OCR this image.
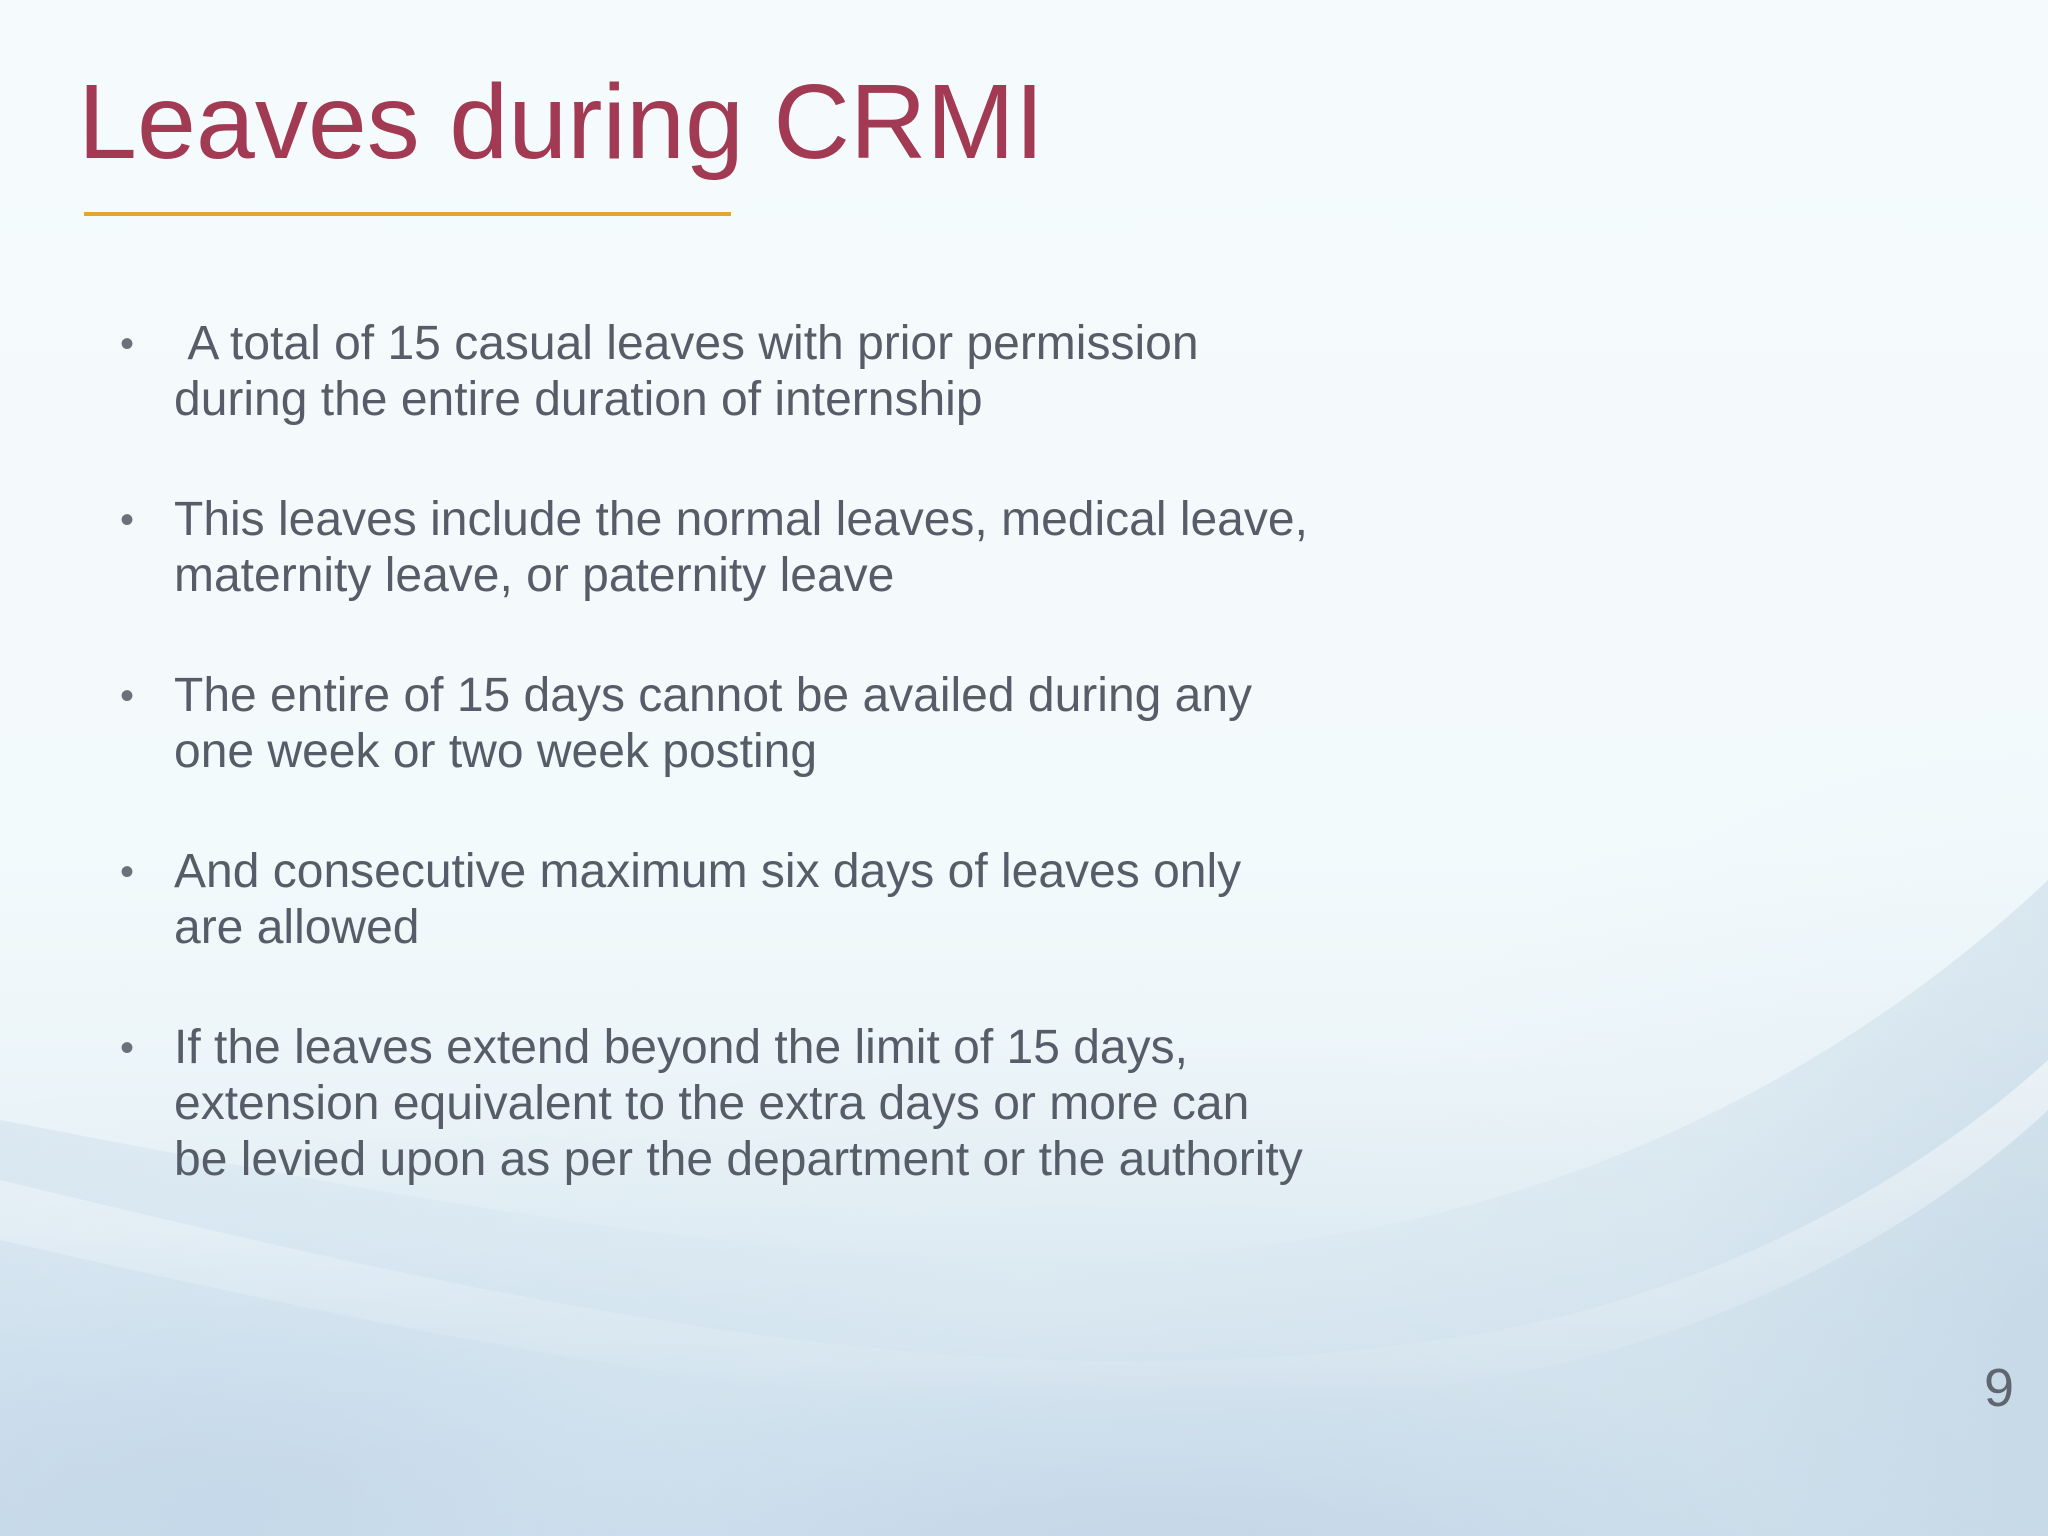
Leaves during CRMI
• A total of 15 casual leaves with prior permission
during the entire duration of internship
• This leaves include the normal leaves, medical leave,
maternity leave, or paternity leave
• The entire of 15 days cannot be availed during any
one week or two week posting
• And consecutive maximum six days of leaves only
are allowed
• If the leaves extend beyond the limit of 15 days,
extension equivalent to the extra days or more can
be levied upon as per the department or the authority
9
